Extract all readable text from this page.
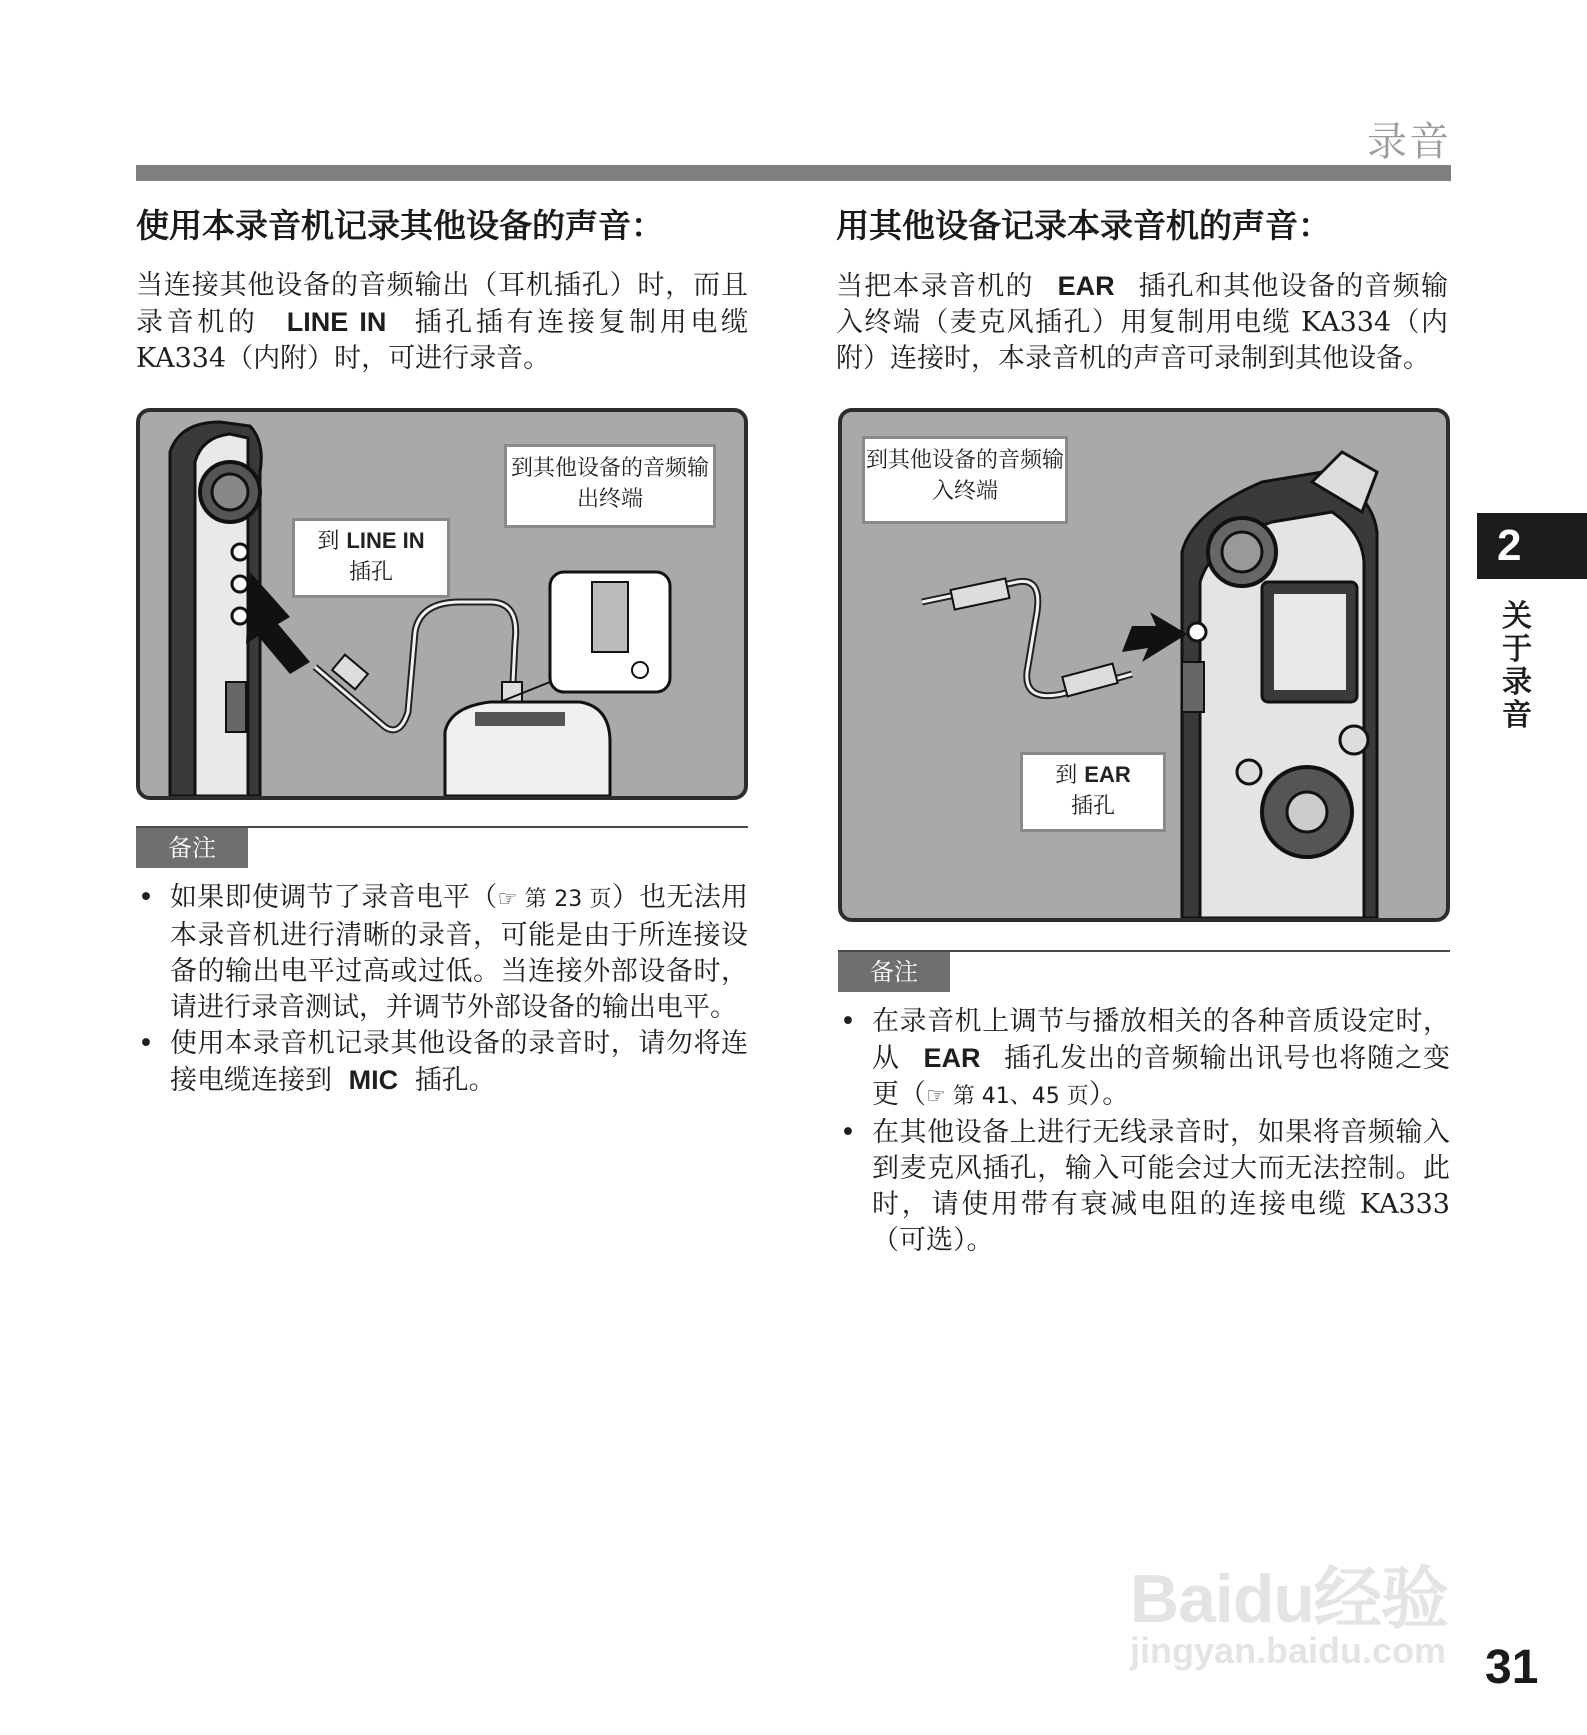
录音
使用本录音机记录其他设备的声音：
当连接其他设备的音频输出（耳机插孔）时，而且录音机的 LINE IN 插孔插有连接复制用电缆 KA334（内附）时，可进行录音。
到 LINE IN
插孔
到其他设备的音频输出终端
备注
• 如果即使调节了录音电平（☞ 第 23 页）也无法用本录音机进行清晰的录音，可能是由于所连接设备的输出电平过高或过低。当连接外部设备时，请进行录音测试，并调节外部设备的输出电平。
• 使用本录音机记录其他设备的录音时，请勿将连接电缆连接到 MIC 插孔。
用其他设备记录本录音机的声音：
当把本录音机的 EAR 插孔和其他设备的音频输入终端（麦克风插孔）用复制用电缆 KA334（内附）连接时，本录音机的声音可录制到其他设备。
到其他设备的音频输入终端
到 EAR
插孔
备注
• 在录音机上调节与播放相关的各种音质设定时，从 EAR 插孔发出的音频输出讯号也将随之变更（☞ 第 41、45 页）。
• 在其他设备上进行无线录音时，如果将音频输入到麦克风插孔，输入可能会过大而无法控制。此时，请使用带有衰减电阻的连接电缆 KA333（可选）。
2
关于录音
Baidu经验
jingyan.baidu.com 31
